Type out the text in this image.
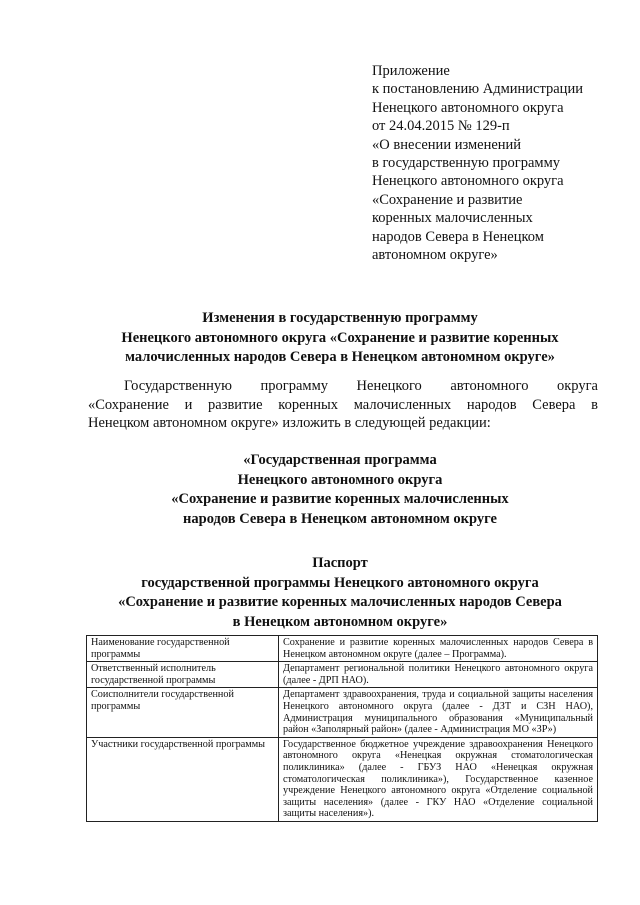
Приложение
к постановлению Администрации
Ненецкого автономного округа
от 24.04.2015 № 129-п
«О внесении изменений
в государственную программу
Ненецкого автономного округа
«Сохранение и развитие
коренных малочисленных
народов Севера в Ненецком
автономном округе»
Изменения в государственную программу
Ненецкого автономного округа «Сохранение и развитие коренных
малочисленных народов Севера в Ненецком автономном округе»
Государственную программу Ненецкого автономного округа
«Сохранение и развитие коренных малочисленных народов Севера в
Ненецком автономном округе» изложить в следующей редакции:
«Государственная программа
Ненецкого автономного округа
«Сохранение и развитие коренных малочисленных
народов Севера в Ненецком автономном округе
Паспорт
государственной программы Ненецкого автономного округа
«Сохранение и развитие коренных малочисленных народов Севера
в Ненецком автономном округе»
Наименование государственной программы	Сохранение и развитие коренных малочисленных народов Севера в Ненецком автономном округе (далее – Программа).
Ответственный исполнитель государственной программы	Департамент региональной политики Ненецкого автономного округа (далее - ДРП НАО).
Соисполнители государственной программы	Департамент здравоохранения, труда и социальной защиты населения Ненецкого автономного округа (далее - ДЗТ и СЗН НАО), Администрация муниципального образования «Муниципальный район «Заполярный район» (далее - Администрация МО «ЗР»)
Участники государственной программы	Государственное бюджетное учреждение здравоохранения Ненецкого автономного округа «Ненецкая окружная стоматологическая поликлиника» (далее - ГБУЗ НАО «Ненецкая окружная стоматологическая поликлиника»), Государственное казенное учреждение Ненецкого автономного округа «Отделение социальной защиты населения» (далее - ГКУ НАО «Отделение социальной защиты населения»).
